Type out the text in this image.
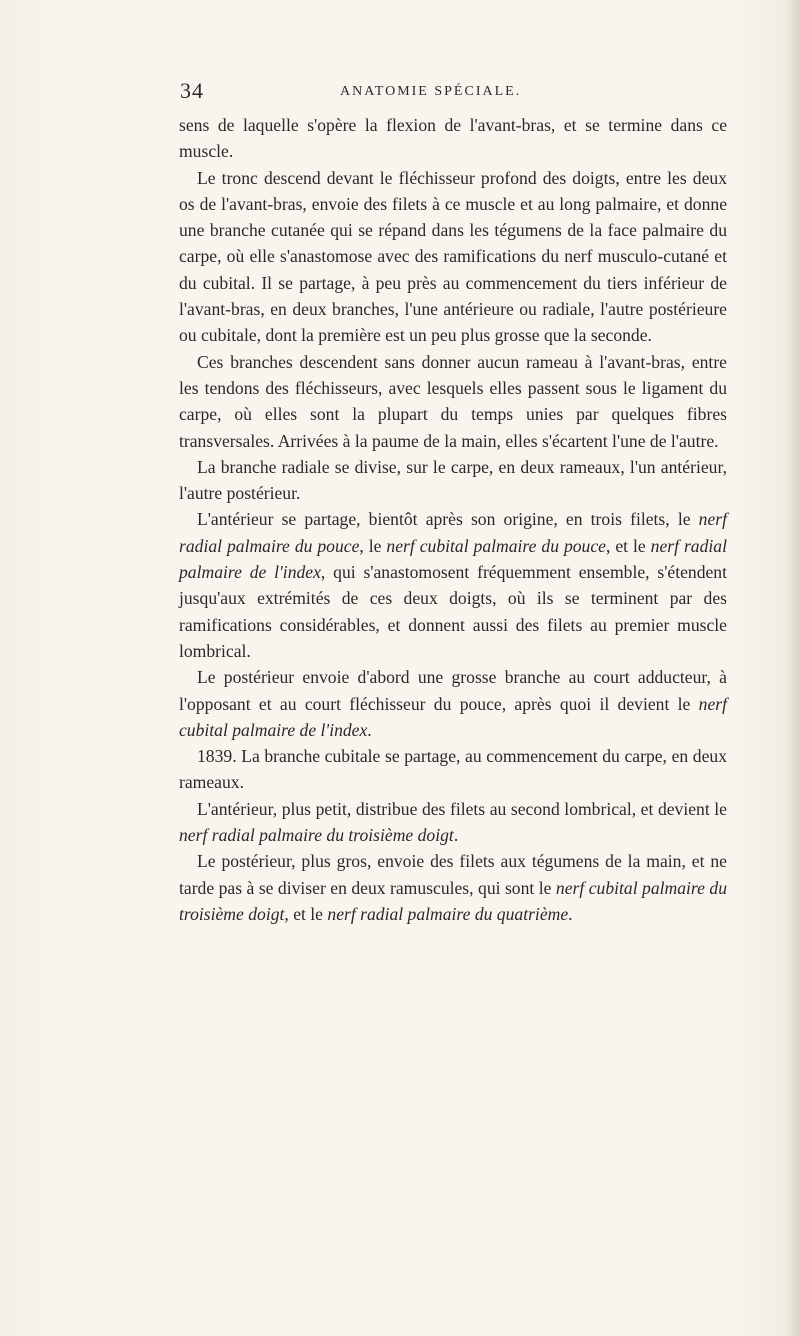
34	ANATOMIE SPÉCIALE.

sens de laquelle s'opère la flexion de l'avant-bras, et se termine dans ce muscle.

Le tronc descend devant le fléchisseur profond des doigts, entre les deux os de l'avant-bras, envoie des filets à ce muscle et au long palmaire, et donne une branche cutanée qui se répand dans les tégumens de la face palmaire du carpe, où elle s'anastomose avec des ramifications du nerf musculo-cutané et du cubital. Il se partage, à peu près au commencement du tiers inférieur de l'avant-bras, en deux branches, l'une antérieure ou radiale, l'autre postérieure ou cubitale, dont la première est un peu plus grosse que la seconde.

Ces branches descendent sans donner aucun rameau à l'avant-bras, entre les tendons des fléchisseurs, avec lesquels elles passent sous le ligament du carpe, où elles sont la plupart du temps unies par quelques fibres transversales. Arrivées à la paume de la main, elles s'écartent l'une de l'autre.

La branche radiale se divise, sur le carpe, en deux rameaux, l'un antérieur, l'autre postérieur.

L'antérieur se partage, bientôt après son origine, en trois filets, le nerf radial palmaire du pouce, le nerf cubital palmaire du pouce, et le nerf radial palmaire de l'index, qui s'anastomosent fréquemment ensemble, s'étendent jusqu'aux extrémités de ces deux doigts, où ils se terminent par des ramifications considérables, et donnent aussi des filets au premier muscle lombrical.

Le postérieur envoie d'abord une grosse branche au court adducteur, à l'opposant et au court fléchisseur du pouce, après quoi il devient le nerf cubital palmaire de l'index.

1839. La branche cubitale se partage, au commencement du carpe, en deux rameaux.

L'antérieur, plus petit, distribue des filets au second lombrical, et devient le nerf radial palmaire du troisième doigt.

Le postérieur, plus gros, envoie des filets aux tégumens de la main, et ne tarde pas à se diviser en deux ramuscules, qui sont le nerf cubital palmaire du troisième doigt, et le nerf radial palmaire du quatrième.
